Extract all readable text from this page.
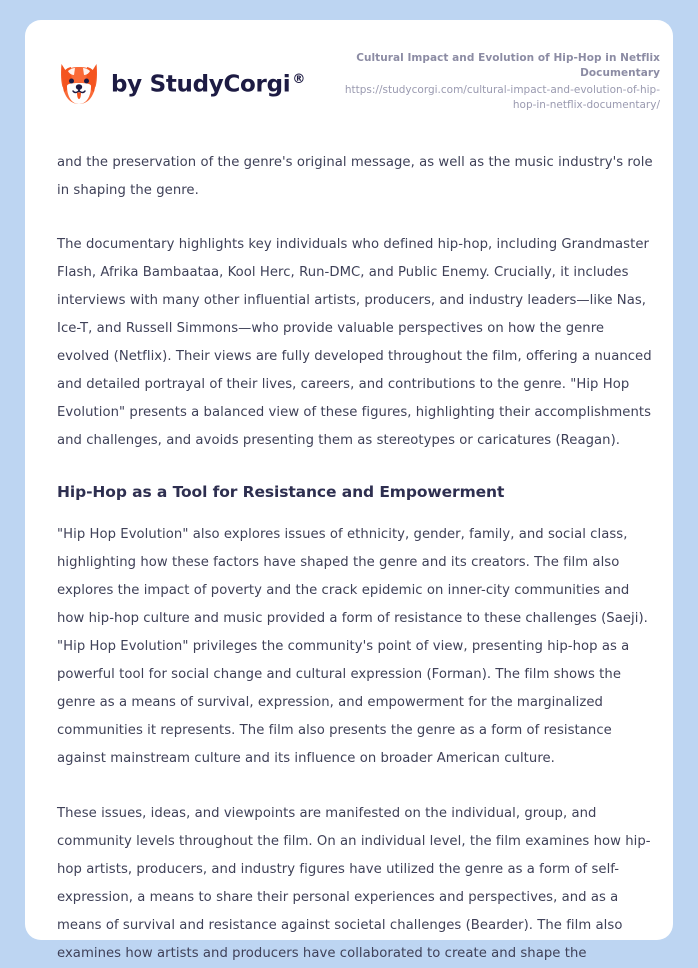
by StudyCorgi ®
Cultural Impact and Evolution of Hip-Hop in Netflix Documentary
https://studycorgi.com/cultural-impact-and-evolution-of-hip-hop-in-netflix-documentary/

and the preservation of the genre's original message, as well as the music industry's role in shaping the genre.

The documentary highlights key individuals who defined hip-hop, including Grandmaster Flash, Afrika Bambaataa, Kool Herc, Run-DMC, and Public Enemy. Crucially, it includes interviews with many other influential artists, producers, and industry leaders—like Nas, Ice-T, and Russell Simmons—who provide valuable perspectives on how the genre evolved (Netflix). Their views are fully developed throughout the film, offering a nuanced and detailed portrayal of their lives, careers, and contributions to the genre. "Hip Hop Evolution" presents a balanced view of these figures, highlighting their accomplishments and challenges, and avoids presenting them as stereotypes or caricatures (Reagan).

Hip-Hop as a Tool for Resistance and Empowerment

"Hip Hop Evolution" also explores issues of ethnicity, gender, family, and social class, highlighting how these factors have shaped the genre and its creators. The film also explores the impact of poverty and the crack epidemic on inner-city communities and how hip-hop culture and music provided a form of resistance to these challenges (Saeji). "Hip Hop Evolution" privileges the community's point of view, presenting hip-hop as a powerful tool for social change and cultural expression (Forman). The film shows the genre as a means of survival, expression, and empowerment for the marginalized communities it represents. The film also presents the genre as a form of resistance against mainstream culture and its influence on broader American culture.

These issues, ideas, and viewpoints are manifested on the individual, group, and community levels throughout the film. On an individual level, the film examines how hip-hop artists, producers, and industry figures have utilized the genre as a form of self-expression, a means to share their personal experiences and perspectives, and as a means of survival and resistance against societal challenges (Bearder). The film also examines how artists and producers have collaborated to create and shape the
